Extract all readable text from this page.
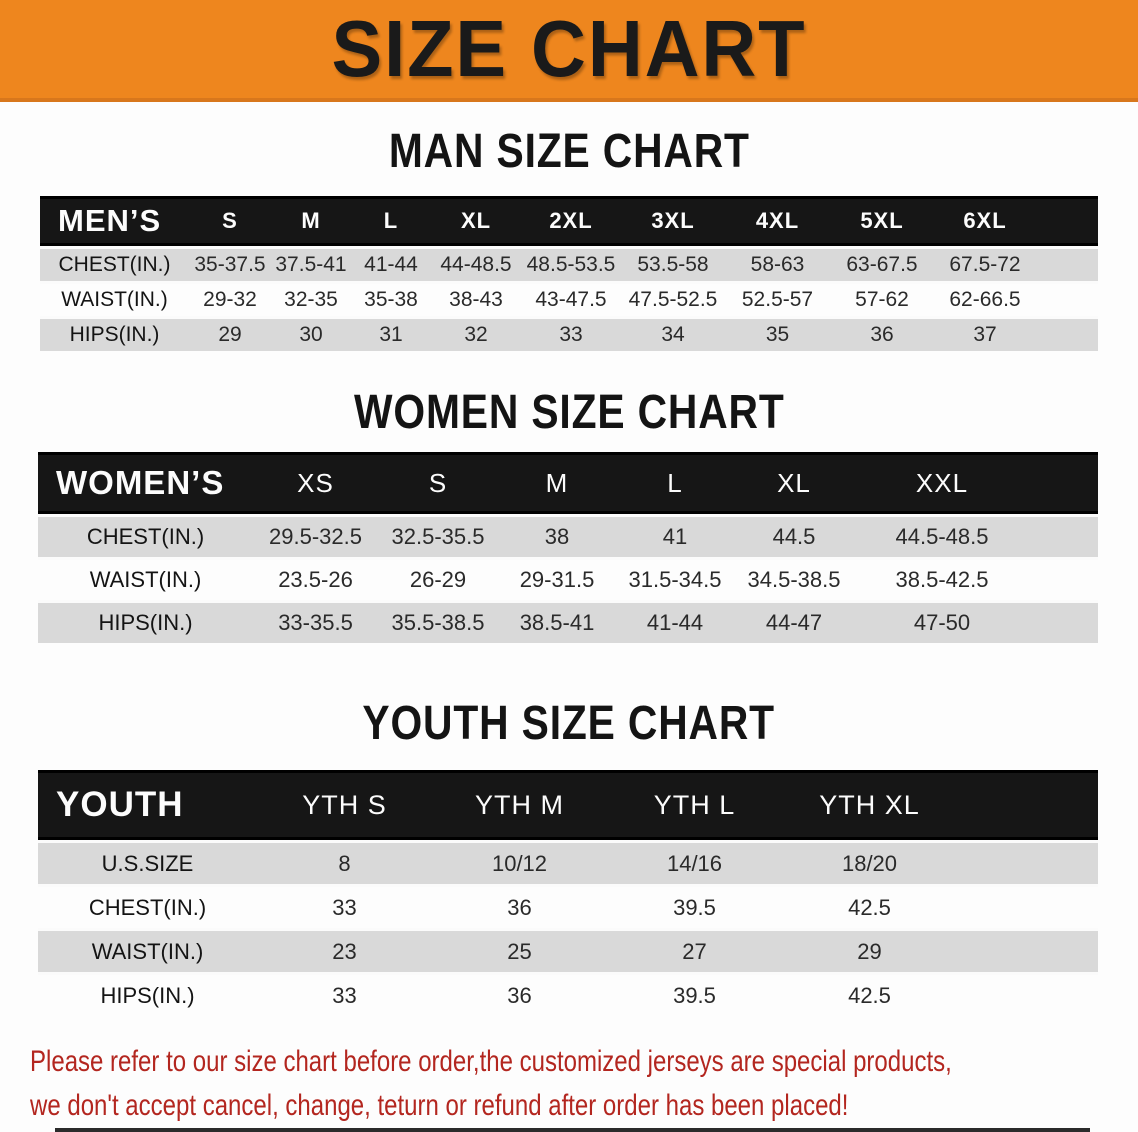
SIZE CHART
MAN SIZE CHART
MEN’S	S	M	L	XL	2XL	3XL	4XL	5XL	6XL
CHEST(IN.)	35-37.5	37.5-41	41-44	44-48.5	48.5-53.5	53.5-58	58-63	63-67.5	67.5-72
WAIST(IN.)	29-32	32-35	35-38	38-43	43-47.5	47.5-52.5	52.5-57	57-62	62-66.5
HIPS(IN.)	29	30	31	32	33	34	35	36	37
WOMEN SIZE CHART
WOMEN’S	XS	S	M	L	XL	XXL
CHEST(IN.)	29.5-32.5	32.5-35.5	38	41	44.5	44.5-48.5
WAIST(IN.)	23.5-26	26-29	29-31.5	31.5-34.5	34.5-38.5	38.5-42.5
HIPS(IN.)	33-35.5	35.5-38.5	38.5-41	41-44	44-47	47-50
YOUTH SIZE CHART
YOUTH	YTH S	YTH M	YTH L	YTH XL	
U.S.SIZE	8	10/12	14/16	18/20	
CHEST(IN.)	33	36	39.5	42.5	
WAIST(IN.)	23	25	27	29	
HIPS(IN.)	33	36	39.5	42.5	

Please refer to our size chart before order,the customized jerseys are special products,

we don't accept cancel, change, teturn or refund after order has been placed!
